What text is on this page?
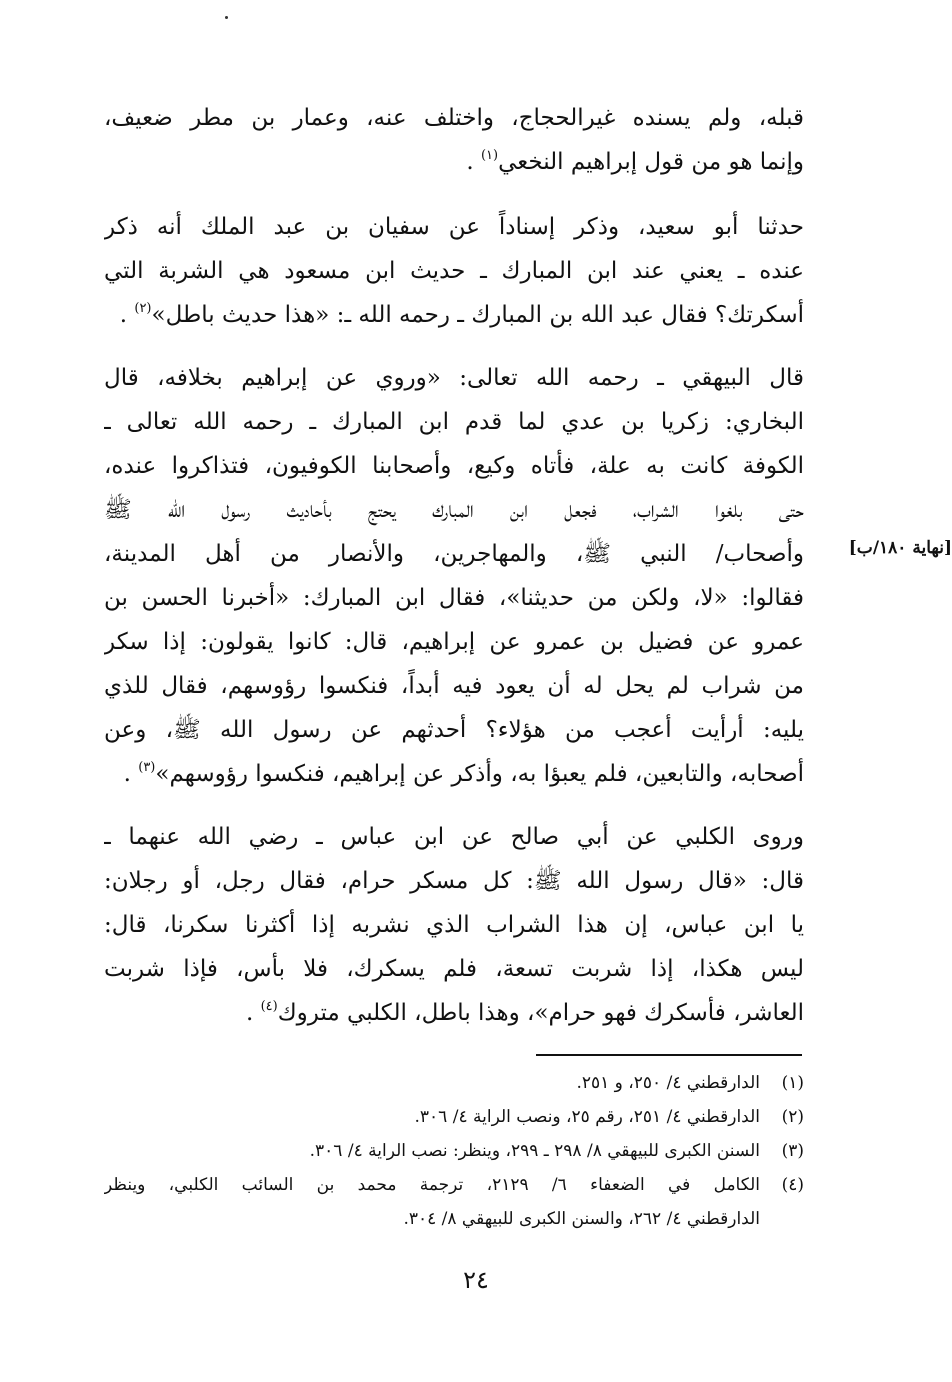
قبله، ولم يسنده غيرالحجاج، واختلف عنه، وعمار بن مطر ضعيف،
وإنما هو من قول إبراهيم النخعي$^{(١)}$ .
حدثنا أبو سعيد، وذكر إسناداً عن سفيان بن عبد الملك أنه ذكر
عنده ـ يعني عند ابن المبارك ـ حديث ابن مسعود هي الشربة التي
أسكرتك؟ فقال عبد الله بن المبارك ـ رحمه الله ـ: «هذا حديث باطل»$^{(٢)}$ .
قال البيهقي ـ رحمه الله تعالى: «وروي عن إبراهيم بخلافه، قال
البخاري: زكريا بن عدي لما قدم ابن المبارك ـ رحمه الله تعالى ـ
الكوفة كانت به علة، فأتاه وكيع، وأصحابنا الكوفيون، فتذاكروا عنده،
حتى بلغوا الشراب، فجعل ابن المبارك يحتج بأحاديث رسول الله ﷺ
وأصحاب/ النبي ﷺ، والمهاجرين، والأنصار من أهل المدينة،
فقالوا: «لا، ولكن من حديثنا»، فقال ابن المبارك: «أخبرنا الحسن بن
عمرو عن فضيل بن عمرو عن إبراهيم، قال: كانوا يقولون: إذا سكر
من شراب لم يحل له أن يعود فيه أبداً، فنكسوا رؤوسهم، فقال للذي
يليه: أرأيت أعجب من هؤلاء؟ أحدثهم عن رسول الله ﷺ، وعن
أصحابه، والتابعين، فلم يعبؤا به، وأذكر عن إبراهيم، فنكسوا رؤوسهم»$^{(٣)}$ .
[نهاية ١٨٠/ب]
وروى الكلبي عن أبي صالح عن ابن عباس ـ رضي الله عنهما ـ
قال: «قال رسول الله ﷺ: كل مسكر حرام، فقال رجل، أو رجلان:
يا ابن عباس، إن هذا الشراب الذي نشربه إذا أكثرنا سكرنا، قال:
ليس هكذا، إذا شربت تسعة، فلم يسكرك، فلا بأس، فإذا شربت
العاشر، فأسكرك فهو حرام»، وهذا باطل، الكلبي متروك$^{(٤)}$ .
(١)
الدارقطني ٤/ ٢٥٠، و ٢٥١.
(٢)
الدارقطني ٤/ ٢٥١، رقم ٢٥، ونصب الراية ٤/ ٣٠٦.
(٣)
السنن الكبرى للبيهقي ٨/ ٢٩٨ ـ ٢٩٩، وينظر: نصب الراية ٤/ ٣٠٦.
(٤)
الكامل في الضعفاء ٦/ ٢١٢٩، ترجمة محمد بن السائب الكلبي، وينظر
الدارقطني ٤/ ٢٦٢، والسنن الكبرى للبيهقي ٨/ ٣٠٤.
٢٤
